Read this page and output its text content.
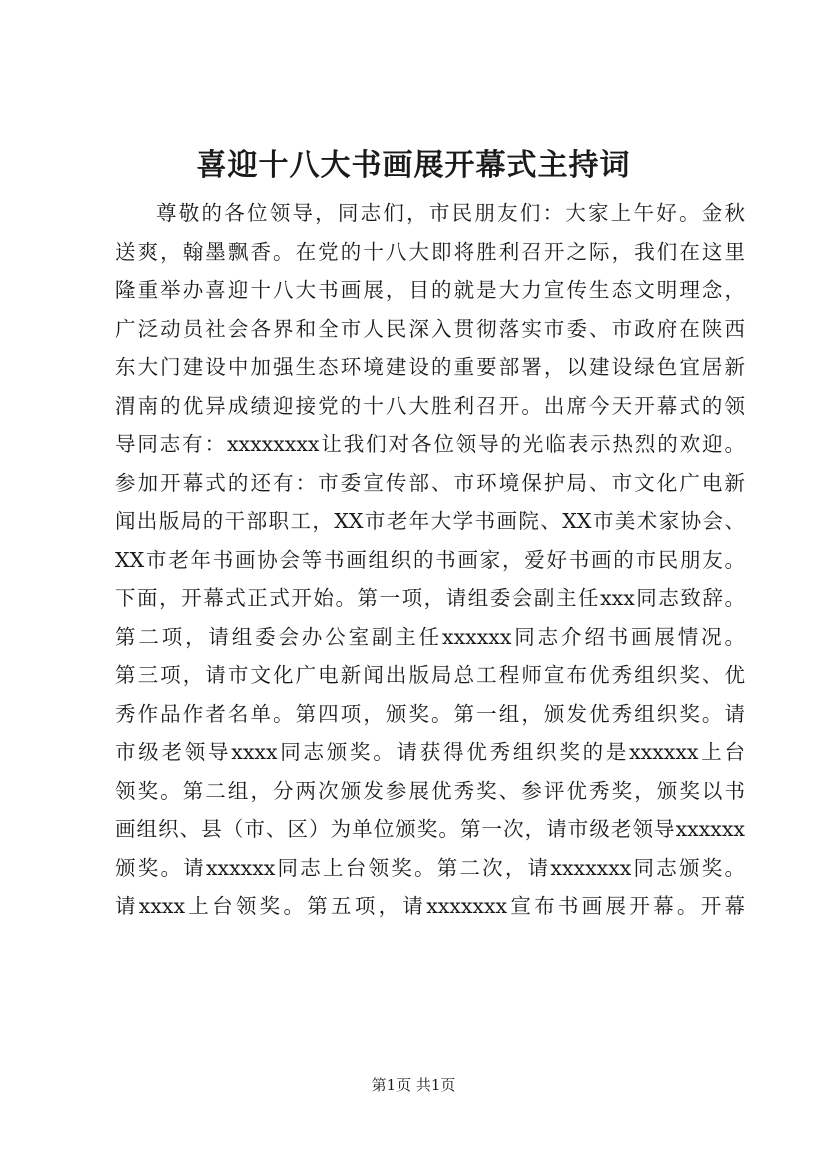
喜迎十八大书画展开幕式主持词
尊敬的各位领导，同志们，市民朋友们：大家上午好。金秋
送爽，翰墨飘香。在党的十八大即将胜利召开之际，我们在这里
隆重举办喜迎十八大书画展，目的就是大力宣传生态文明理念，
广泛动员社会各界和全市人民深入贯彻落实市委、市政府在陕西
东大门建设中加强生态环境建设的重要部署，以建设绿色宜居新
渭南的优异成绩迎接党的十八大胜利召开。出席今天开幕式的领
导同志有：xxxxxxxx让我们对各位领导的光临表示热烈的欢迎。
参加开幕式的还有：市委宣传部、市环境保护局、市文化广电新
闻出版局的干部职工，XX市老年大学书画院、XX市美术家协会、
XX市老年书画协会等书画组织的书画家，爱好书画的市民朋友。
下面，开幕式正式开始。第一项，请组委会副主任xxx同志致辞。
第二项，请组委会办公室副主任xxxxxx同志介绍书画展情况。
第三项，请市文化广电新闻出版局总工程师宣布优秀组织奖、优
秀作品作者名单。第四项，颁奖。第一组，颁发优秀组织奖。请
市级老领导xxxx同志颁奖。请获得优秀组织奖的是xxxxxx上台
领奖。第二组，分两次颁发参展优秀奖、参评优秀奖，颁奖以书
画组织、县（市、区）为单位颁奖。第一次，请市级老领导xxxxxx
颁奖。请xxxxxx同志上台领奖。第二次，请xxxxxxx同志颁奖。
请xxxx上台领奖。第五项，请xxxxxxx宣布书画展开幕。开幕
第1页 共1页
